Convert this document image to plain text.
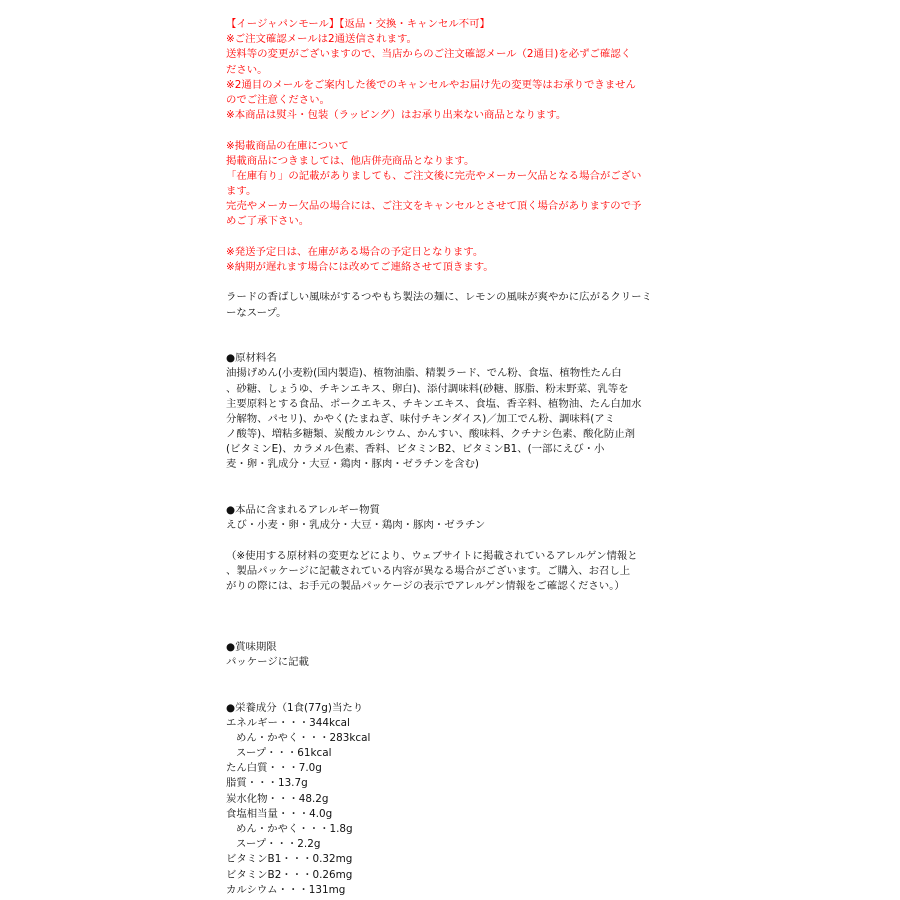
【イージャパンモール】【返品・交換・キャンセル不可】
※ご注文確認メールは2通送信されます。
送料等の変更がございますので、当店からのご注文確認メール（2通目)を必ずご確認く
ださい。
※2通目のメールをご案内した後でのキャンセルやお届け先の変更等はお承りできません
のでご注意ください。
※本商品は熨斗・包装（ラッピング）はお承り出来ない商品となります。
※掲載商品の在庫について
掲載商品につきましては、他店併売商品となります。
「在庫有り」の記載がありましても、ご注文後に完売やメーカー欠品となる場合がござい
ます。
完売やメーカー欠品の場合には、ご注文をキャンセルとさせて頂く場合がありますので予
めご了承下さい。
※発送予定日は、在庫がある場合の予定日となります。
※納期が遅れます場合には改めてご連絡させて頂きます。
ラードの香ばしい風味がするつやもち製法の麺に、レモンの風味が爽やかに広がるクリーミ
ーなスープ。
●原材料名
油揚げめん(小麦粉(国内製造)、植物油脂、精製ラード、でん粉、食塩、植物性たん白
、砂糖、しょうゆ、チキンエキス、卵白)、添付調味料(砂糖、豚脂、粉末野菜、乳等を
主要原料とする食品、ポークエキス、チキンエキス、食塩、香辛料、植物油、たん白加水
分解物、パセリ)、かやく(たまねぎ、味付チキンダイス)／加工でん粉、調味料(アミ
ノ酸等)、増粘多糖類、炭酸カルシウム、かんすい、酸味料、クチナシ色素、酸化防止剤
(ビタミンE)、カラメル色素、香料、ビタミンB2、ビタミンB1、(一部にえび・小
麦・卵・乳成分・大豆・鶏肉・豚肉・ゼラチンを含む)
●本品に含まれるアレルギー物質
えび・小麦・卵・乳成分・大豆・鶏肉・豚肉・ゼラチン
（※使用する原材料の変更などにより、ウェブサイトに掲載されているアレルゲン情報と
、製品パッケージに記載されている内容が異なる場合がございます。ご購入、お召し上
がりの際には、お手元の製品パッケージの表示でアレルゲン情報をご確認ください。）
●賞味期限
パッケージに記載
●栄養成分（1食(77g)当たり
エネルギー・・・344kcal
めん・かやく・・・283kcal
スープ・・・61kcal
たん白質・・・7.0g
脂質・・・13.7g
炭水化物・・・48.2g
食塩相当量・・・4.0g
めん・かやく・・・1.8g
スープ・・・2.2g
ビタミンB1・・・0.32mg
ビタミンB2・・・0.26mg
カルシウム・・・131mg
